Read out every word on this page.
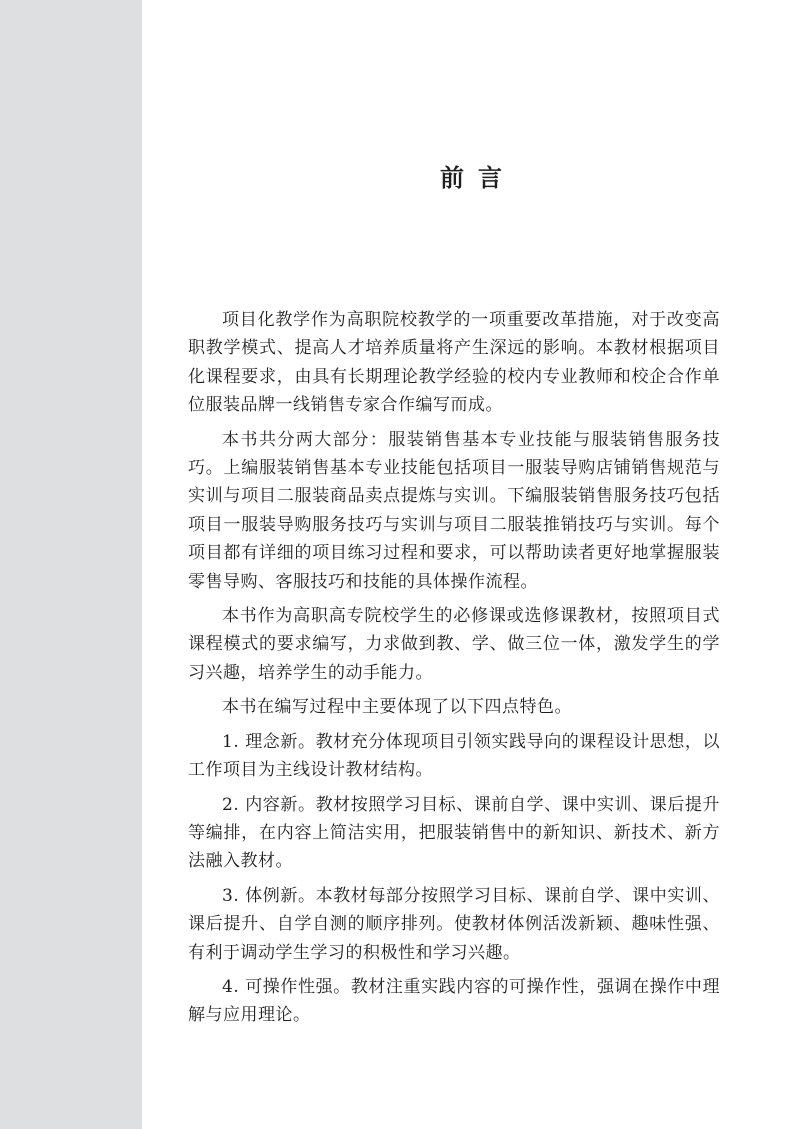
前言

项目化教学作为高职院校教学的一项重要改革措施，对于改变高职教学模式、提高人才培养质量将产生深远的影响。本教材根据项目化课程要求，由具有长期理论教学经验的校内专业教师和校企合作单位服装品牌一线销售专家合作编写而成。

本书共分两大部分：服装销售基本专业技能与服装销售服务技巧。上编服装销售基本专业技能包括项目一服装导购店铺销售规范与实训与项目二服装商品卖点提炼与实训。下编服装销售服务技巧包括项目一服装导购服务技巧与实训与项目二服装推销技巧与实训。每个项目都有详细的项目练习过程和要求，可以帮助读者更好地掌握服装零售导购、客服技巧和技能的具体操作流程。

本书作为高职高专院校学生的必修课或选修课教材，按照项目式课程模式的要求编写，力求做到教、学、做三位一体，激发学生的学习兴趣，培养学生的动手能力。

本书在编写过程中主要体现了以下四点特色。

1. 理念新。教材充分体现项目引领实践导向的课程设计思想，以工作项目为主线设计教材结构。

2. 内容新。教材按照学习目标、课前自学、课中实训、课后提升等编排，在内容上简洁实用，把服装销售中的新知识、新技术、新方法融入教材。

3. 体例新。本教材每部分按照学习目标、课前自学、课中实训、课后提升、自学自测的顺序排列。使教材体例活泼新颖、趣味性强、有利于调动学生学习的积极性和学习兴趣。

4. 可操作性强。教材注重实践内容的可操作性，强调在操作中理解与应用理论。
